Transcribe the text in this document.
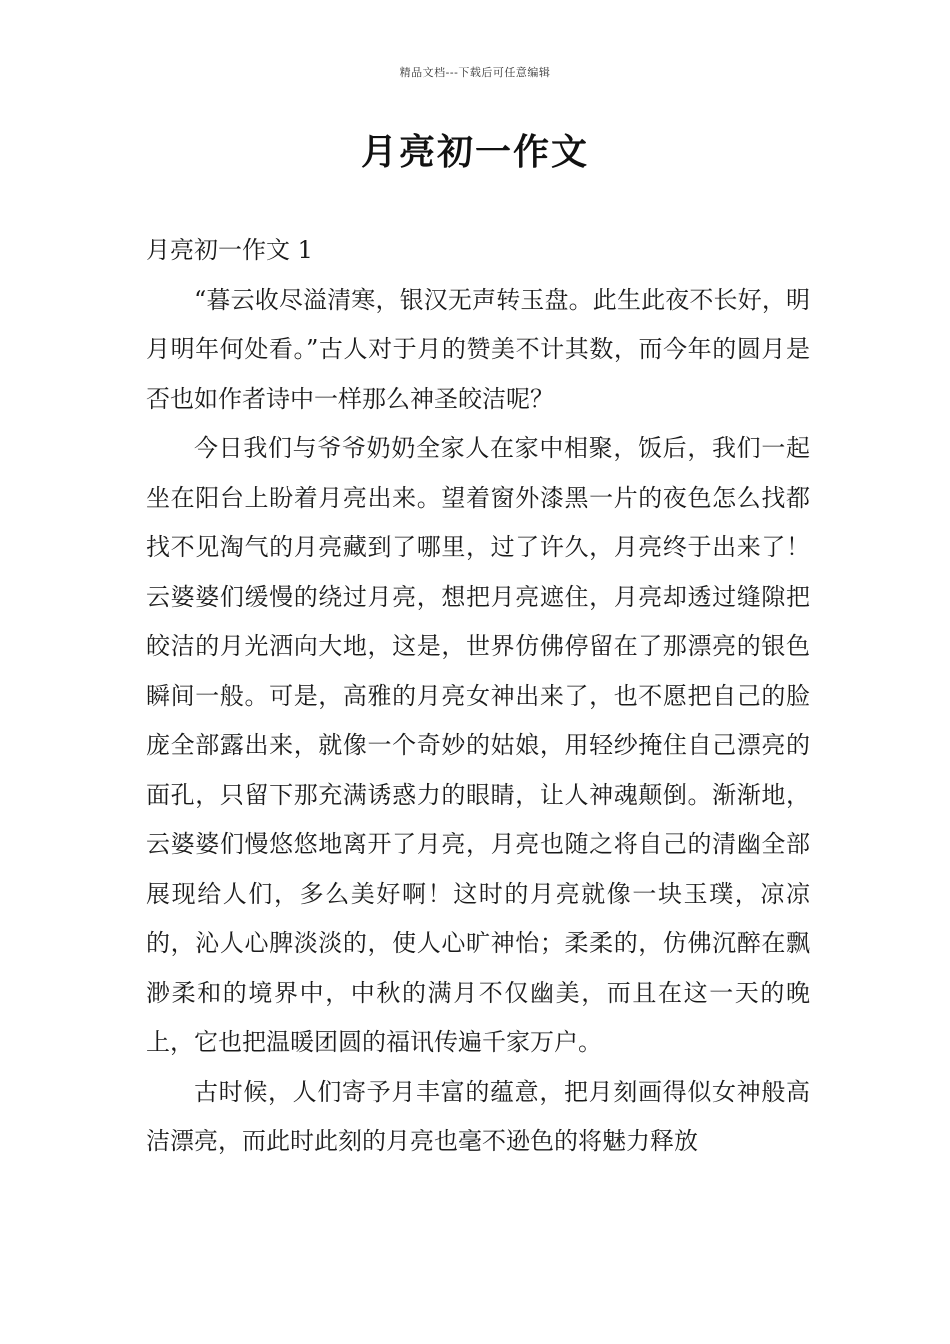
精品文档---下载后可任意编辑
月亮初一作文
月亮初一作文 1

“暮云收尽溢清寒，银汉无声转玉盘。此生此夜不长好，明月明年何处看。”古人对于月的赞美不计其数，而今年的圆月是否也如作者诗中一样那么神圣皎洁呢？

今日我们与爷爷奶奶全家人在家中相聚，饭后，我们一起坐在阳台上盼着月亮出来。望着窗外漆黑一片的夜色怎么找都找不见淘气的月亮藏到了哪里，过了许久，月亮终于出来了！云婆婆们缓慢的绕过月亮，想把月亮遮住，月亮却透过缝隙把皎洁的月光洒向大地，这是，世界仿佛停留在了那漂亮的银色瞬间一般。可是，高雅的月亮女神出来了，也不愿把自己的脸庞全部露出来，就像一个奇妙的姑娘，用轻纱掩住自己漂亮的面孔，只留下那充满诱惑力的眼睛，让人神魂颠倒。渐渐地，云婆婆们慢悠悠地离开了月亮，月亮也随之将自己的清幽全部展现给人们，多么美好啊！这时的月亮就像一块玉璞，凉凉的，沁人心脾淡淡的，使人心旷神怡；柔柔的，仿佛沉醉在飘渺柔和的境界中，中秋的满月不仅幽美，而且在这一天的晚上，它也把温暖团圆的福讯传遍千家万户。

古时候，人们寄予月丰富的蕴意，把月刻画得似女神般高洁漂亮，而此时此刻的月亮也毫不逊色的将魅力释放
